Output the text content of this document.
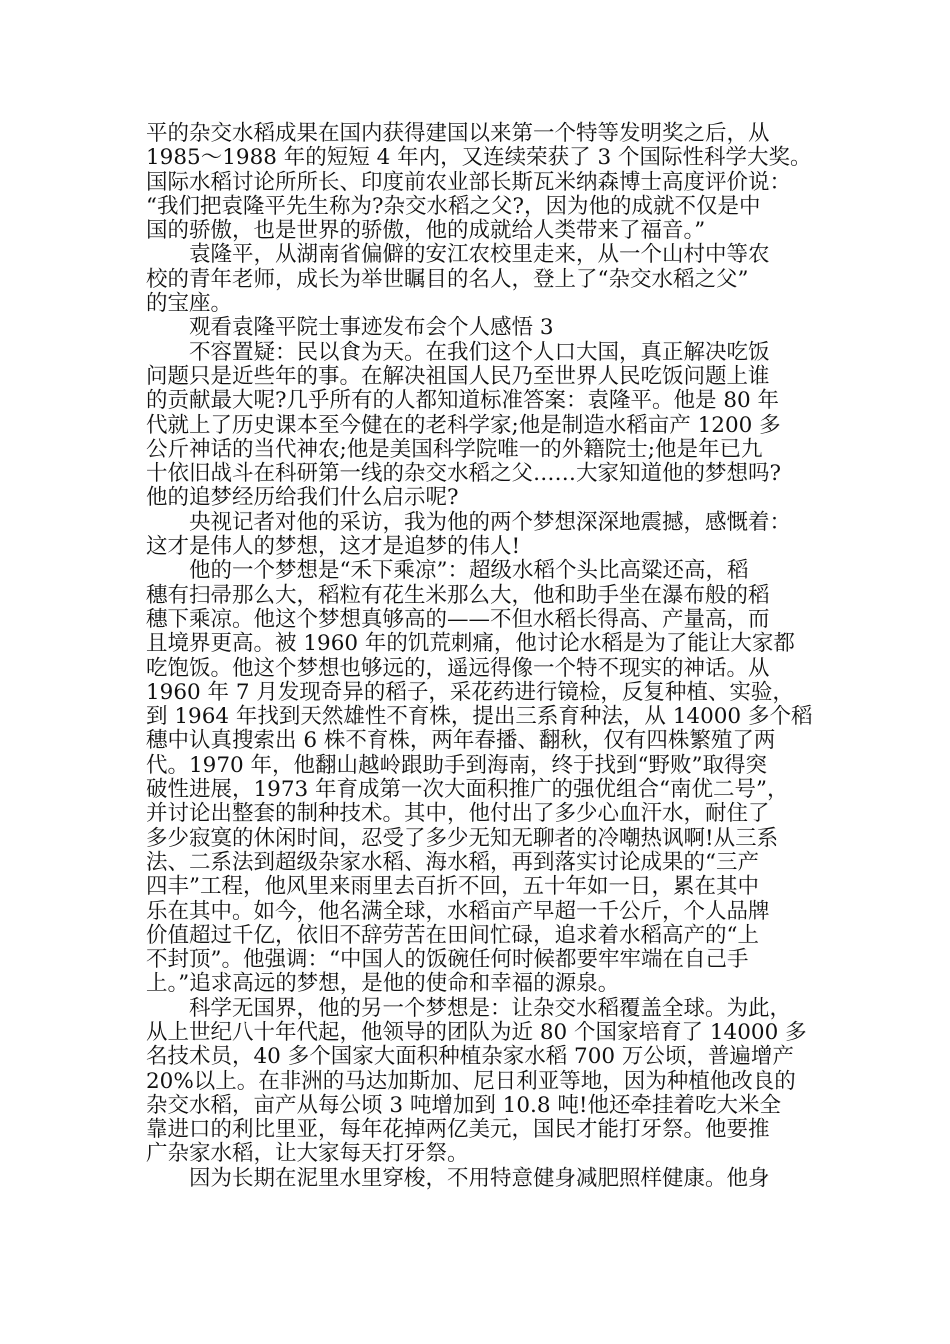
平的杂交水稻成果在国内获得建国以来第一个特等发明奖之后，从
1985～1988 年的短短 4 年内，又连续荣获了 3 个国际性科学大奖。
国际水稻讨论所所长、印度前农业部长斯瓦米纳森博士高度评价说：
“我们把袁隆平先生称为?杂交水稻之父?，因为他的成就不仅是中
国的骄傲，也是世界的骄傲，他的成就给人类带来了福音。”
袁隆平，从湖南省偏僻的安江农校里走来，从一个山村中等农
校的青年老师，成长为举世瞩目的名人，登上了“杂交水稻之父”
的宝座。
观看袁隆平院士事迹发布会个人感悟 3
不容置疑：民以食为天。在我们这个人口大国，真正解决吃饭
问题只是近些年的事。在解决祖国人民乃至世界人民吃饭问题上谁
的贡献最大呢?几乎所有的人都知道标准答案：袁隆平。他是 80 年
代就上了历史课本至今健在的老科学家;他是制造水稻亩产 1200 多
公斤神话的当代神农;他是美国科学院唯一的外籍院士;他是年已九
十依旧战斗在科研第一线的杂交水稻之父……大家知道他的梦想吗?
他的追梦经历给我们什么启示呢?
央视记者对他的采访，我为他的两个梦想深深地震撼，感慨着：
这才是伟人的梦想，这才是追梦的伟人!
他的一个梦想是“禾下乘凉”：超级水稻个头比高粱还高，稻
穗有扫帚那么大，稻粒有花生米那么大，他和助手坐在瀑布般的稻
穗下乘凉。他这个梦想真够高的——不但水稻长得高、产量高，而
且境界更高。被 1960 年的饥荒刺痛，他讨论水稻是为了能让大家都
吃饱饭。他这个梦想也够远的，遥远得像一个特不现实的神话。从
1960 年 7 月发现奇异的稻子，采花药进行镜检，反复种植、实验，
到 1964 年找到天然雄性不育株，提出三系育种法，从 14000 多个稻
穗中认真搜索出 6 株不育株，两年春播、翻秋，仅有四株繁殖了两
代。1970 年，他翻山越岭跟助手到海南，终于找到“野败”取得突
破性进展，1973 年育成第一次大面积推广的强优组合“南优二号”，
并讨论出整套的制种技术。其中，他付出了多少心血汗水，耐住了
多少寂寞的休闲时间，忍受了多少无知无聊者的冷嘲热讽啊!从三系
法、二系法到超级杂家水稻、海水稻，再到落实讨论成果的“三产
四丰”工程，他风里来雨里去百折不回，五十年如一日，累在其中
乐在其中。如今，他名满全球，水稻亩产早超一千公斤，个人品牌
价值超过千亿，依旧不辞劳苦在田间忙碌，追求着水稻高产的“上
不封顶”。他强调：“中国人的饭碗任何时候都要牢牢端在自己手
上。”追求高远的梦想，是他的使命和幸福的源泉。
科学无国界，他的另一个梦想是：让杂交水稻覆盖全球。为此，
从上世纪八十年代起，他领导的团队为近 80 个国家培育了 14000 多
名技术员，40 多个国家大面积种植杂家水稻 700 万公顷，普遍增产
20%以上。在非洲的马达加斯加、尼日利亚等地，因为种植他改良的
杂交水稻，亩产从每公顷 3 吨增加到 10.8 吨!他还牵挂着吃大米全
靠进口的利比里亚，每年花掉两亿美元，国民才能打牙祭。他要推
广杂家水稻，让大家每天打牙祭。
因为长期在泥里水里穿梭，不用特意健身减肥照样健康。他身
